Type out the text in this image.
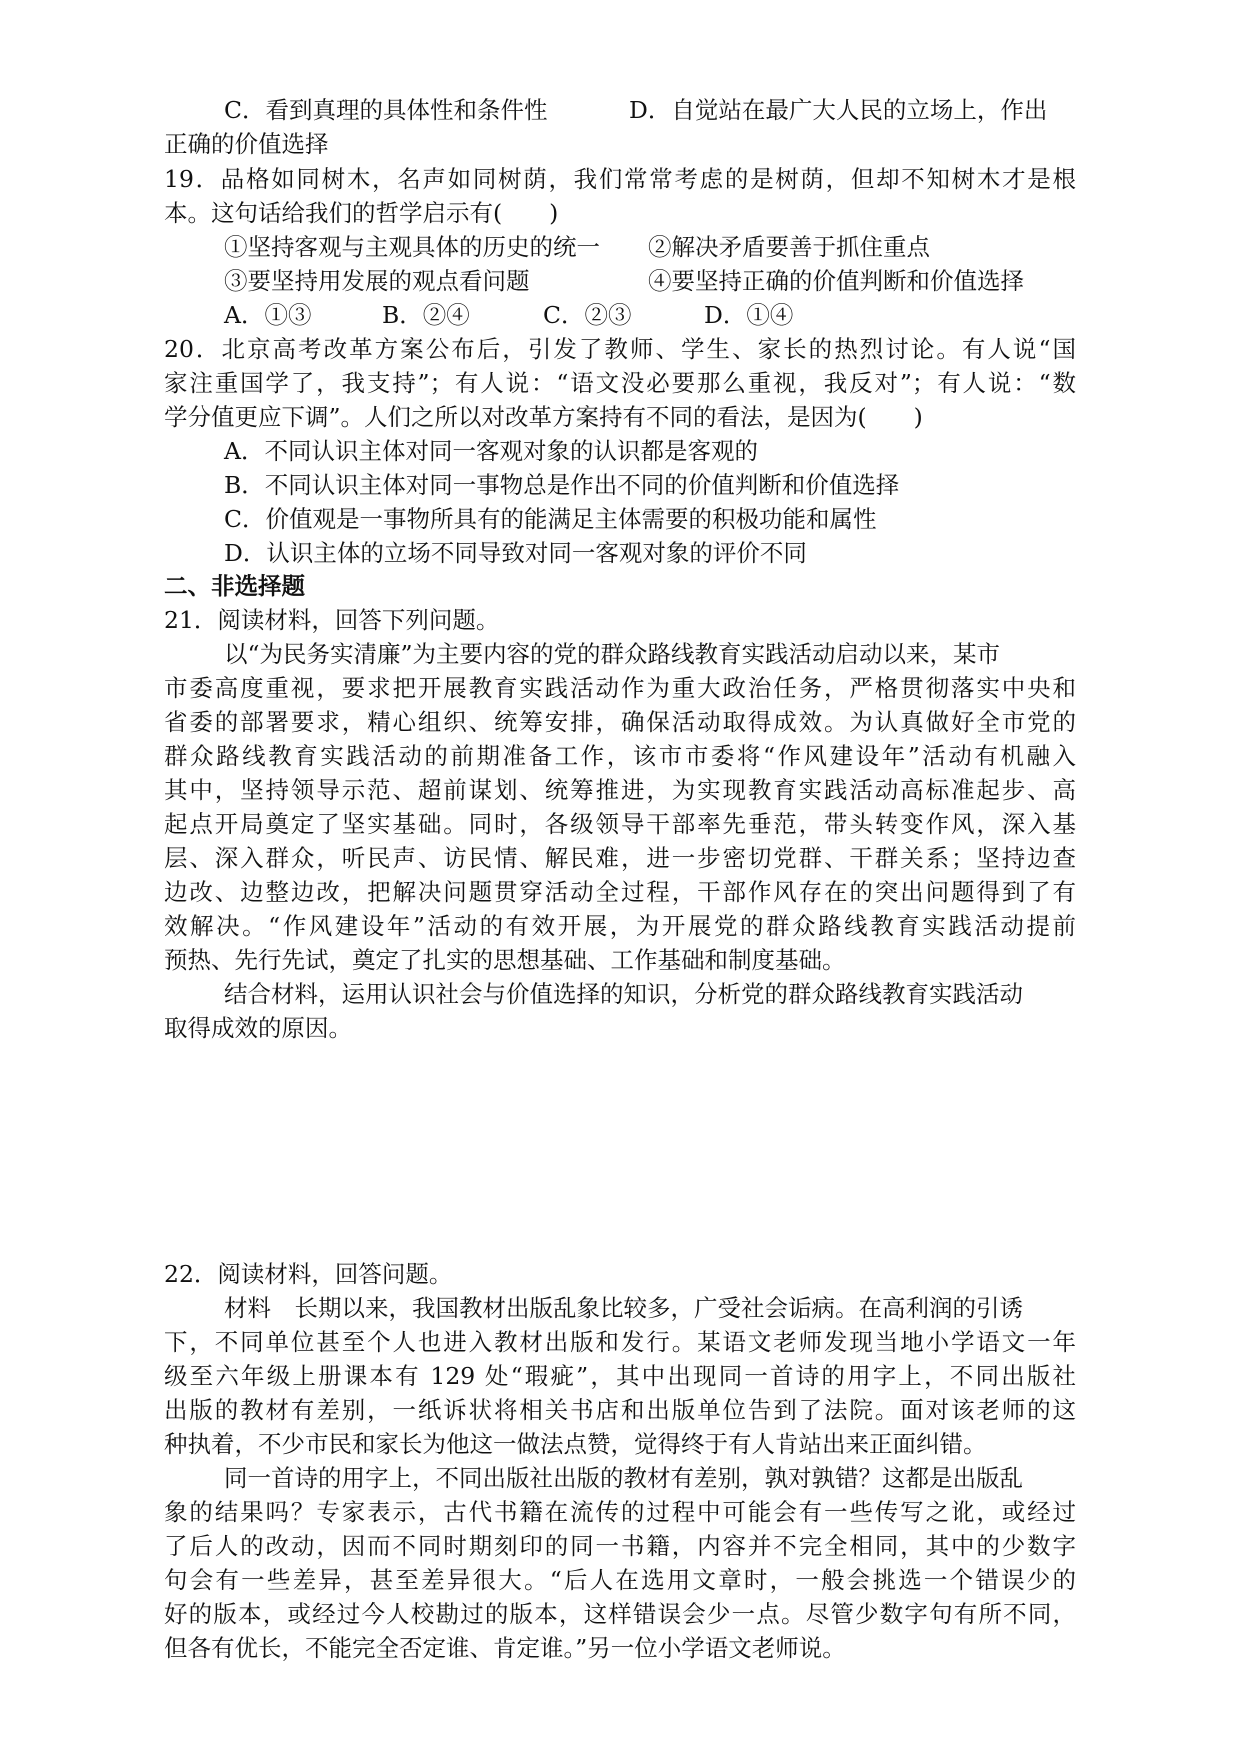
C．看到真理的具体性和条件性	D．自觉站在最广大人民的立场上，作出
正确的价值选择
19．品格如同树木，名声如同树荫，我们常常考虑的是树荫，但却不知树木才是根
本。这句话给我们的哲学启示有(　　)
①坚持客观与主观具体的历史的统一 ②解决矛盾要善于抓住重点
③要坚持用发展的观点看问题	④要坚持正确的价值判断和价值选择
A．①③	B．②④	C．②③	D．①④
20．北京高考改革方案公布后，引发了教师、学生、家长的热烈讨论。有人说“国
家注重国学了，我支持”；有人说：“语文没必要那么重视，我反对”；有人说：“数
学分值更应下调”。人们之所以对改革方案持有不同的看法，是因为(　　)
A．不同认识主体对同一客观对象的认识都是客观的
B．不同认识主体对同一事物总是作出不同的价值判断和价值选择
C．价值观是一事物所具有的能满足主体需要的积极功能和属性
D．认识主体的立场不同导致对同一客观对象的评价不同
二、非选择题
21．阅读材料，回答下列问题。
以“为民务实清廉”为主要内容的党的群众路线教育实践活动启动以来，某市
市委高度重视，要求把开展教育实践活动作为重大政治任务，严格贯彻落实中央和
省委的部署要求，精心组织、统筹安排，确保活动取得成效。为认真做好全市党的
群众路线教育实践活动的前期准备工作，该市市委将“作风建设年”活动有机融入
其中，坚持领导示范、超前谋划、统筹推进，为实现教育实践活动高标准起步、高
起点开局奠定了坚实基础。同时，各级领导干部率先垂范，带头转变作风，深入基
层、深入群众，听民声、访民情、解民难，进一步密切党群、干群关系；坚持边查
边改、边整边改，把解决问题贯穿活动全过程，干部作风存在的突出问题得到了有
效解决。“作风建设年”活动的有效开展，为开展党的群众路线教育实践活动提前
预热、先行先试，奠定了扎实的思想基础、工作基础和制度基础。
结合材料，运用认识社会与价值选择的知识，分析党的群众路线教育实践活动
取得成效的原因。
22．阅读材料，回答问题。
材料　长期以来，我国教材出版乱象比较多，广受社会诟病。在高利润的引诱
下，不同单位甚至个人也进入教材出版和发行。某语文老师发现当地小学语文一年
级至六年级上册课本有 129 处“瑕疵”，其中出现同一首诗的用字上，不同出版社
出版的教材有差别，一纸诉状将相关书店和出版单位告到了法院。面对该老师的这
种执着，不少市民和家长为他这一做法点赞，觉得终于有人肯站出来正面纠错。
同一首诗的用字上，不同出版社出版的教材有差别，孰对孰错？这都是出版乱
象的结果吗？专家表示，古代书籍在流传的过程中可能会有一些传写之讹，或经过
了后人的改动，因而不同时期刻印的同一书籍，内容并不完全相同，其中的少数字
句会有一些差异，甚至差异很大。“后人在选用文章时，一般会挑选一个错误少的
好的版本，或经过今人校勘过的版本，这样错误会少一点。尽管少数字句有所不同，
但各有优长，不能完全否定谁、肯定谁。”另一位小学语文老师说。
